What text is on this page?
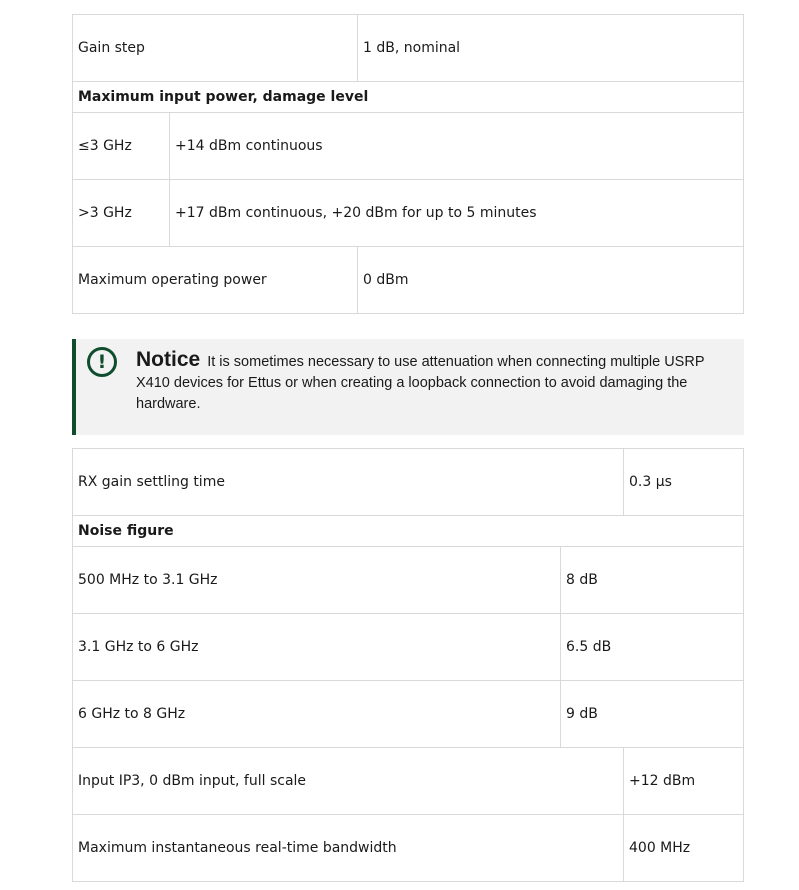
Gain step	1 dB, nominal
Maximum input power, damage level
≤3 GHz	+14 dBm continuous
>3 GHz	+17 dBm continuous, +20 dBm for up to 5 minutes
Maximum operating power	0 dBm
!	Notice It is sometimes necessary to use attenuation when connecting multiple USRP X410 devices for Ettus or when creating a loopback connection to avoid damaging the hardware.
RX gain settling time	0.3 µs
Noise figure
500 MHz to 3.1 GHz	8 dB
3.1 GHz to 6 GHz	6.5 dB
6 GHz to 8 GHz	9 dB
Input IP3, 0 dBm input, full scale	+12 dBm
Maximum instantaneous real-time bandwidth	400 MHz
